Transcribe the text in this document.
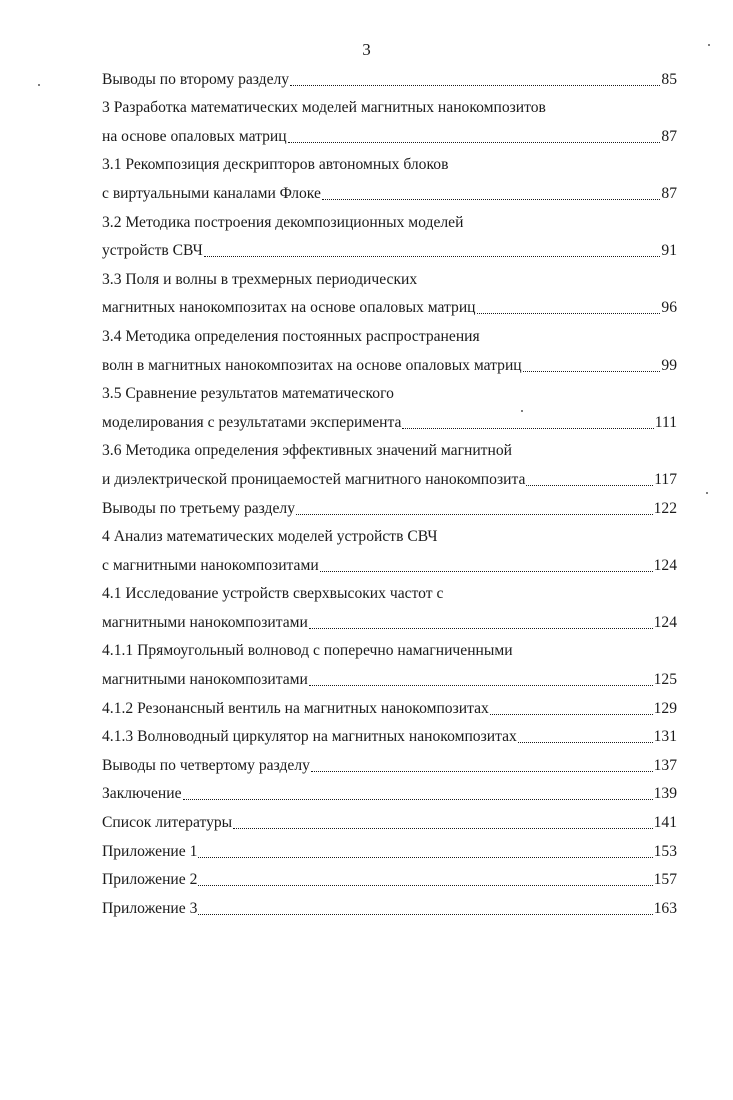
3
Выводы по второму разделу	85
3 Разработка математических моделей магнитных нанокомпозитов
на основе опаловых матриц	87
3.1 Рекомпозиция дескрипторов автономных блоков
с виртуальными каналами Флоке	87
3.2 Методика построения декомпозиционных моделей
устройств СВЧ	91
3.3 Поля и волны в трехмерных периодических
магнитных нанокомпозитах на основе опаловых матриц	96
3.4 Методика определения постоянных распространения
волн в магнитных нанокомпозитах на основе опаловых матриц	99
3.5 Сравнение результатов математического
моделирования с результатами эксперимента	111
3.6 Методика определения эффективных значений магнитной
и диэлектрической проницаемостей магнитного нанокомпозита	117
Выводы по третьему разделу	122
4 Анализ математических моделей устройств СВЧ
с магнитными нанокомпозитами	124
4.1 Исследование устройств сверхвысоких частот с
магнитными нанокомпозитами	124
4.1.1 Прямоугольный волновод с поперечно намагниченными
магнитными нанокомпозитами	125
4.1.2 Резонансный вентиль на магнитных нанокомпозитах	129
4.1.3 Волноводный циркулятор на магнитных нанокомпозитах	131
Выводы по четвертому разделу	137
Заключение	139
Список литературы	141
Приложение 1	153
Приложение 2	157
Приложение 3	163
